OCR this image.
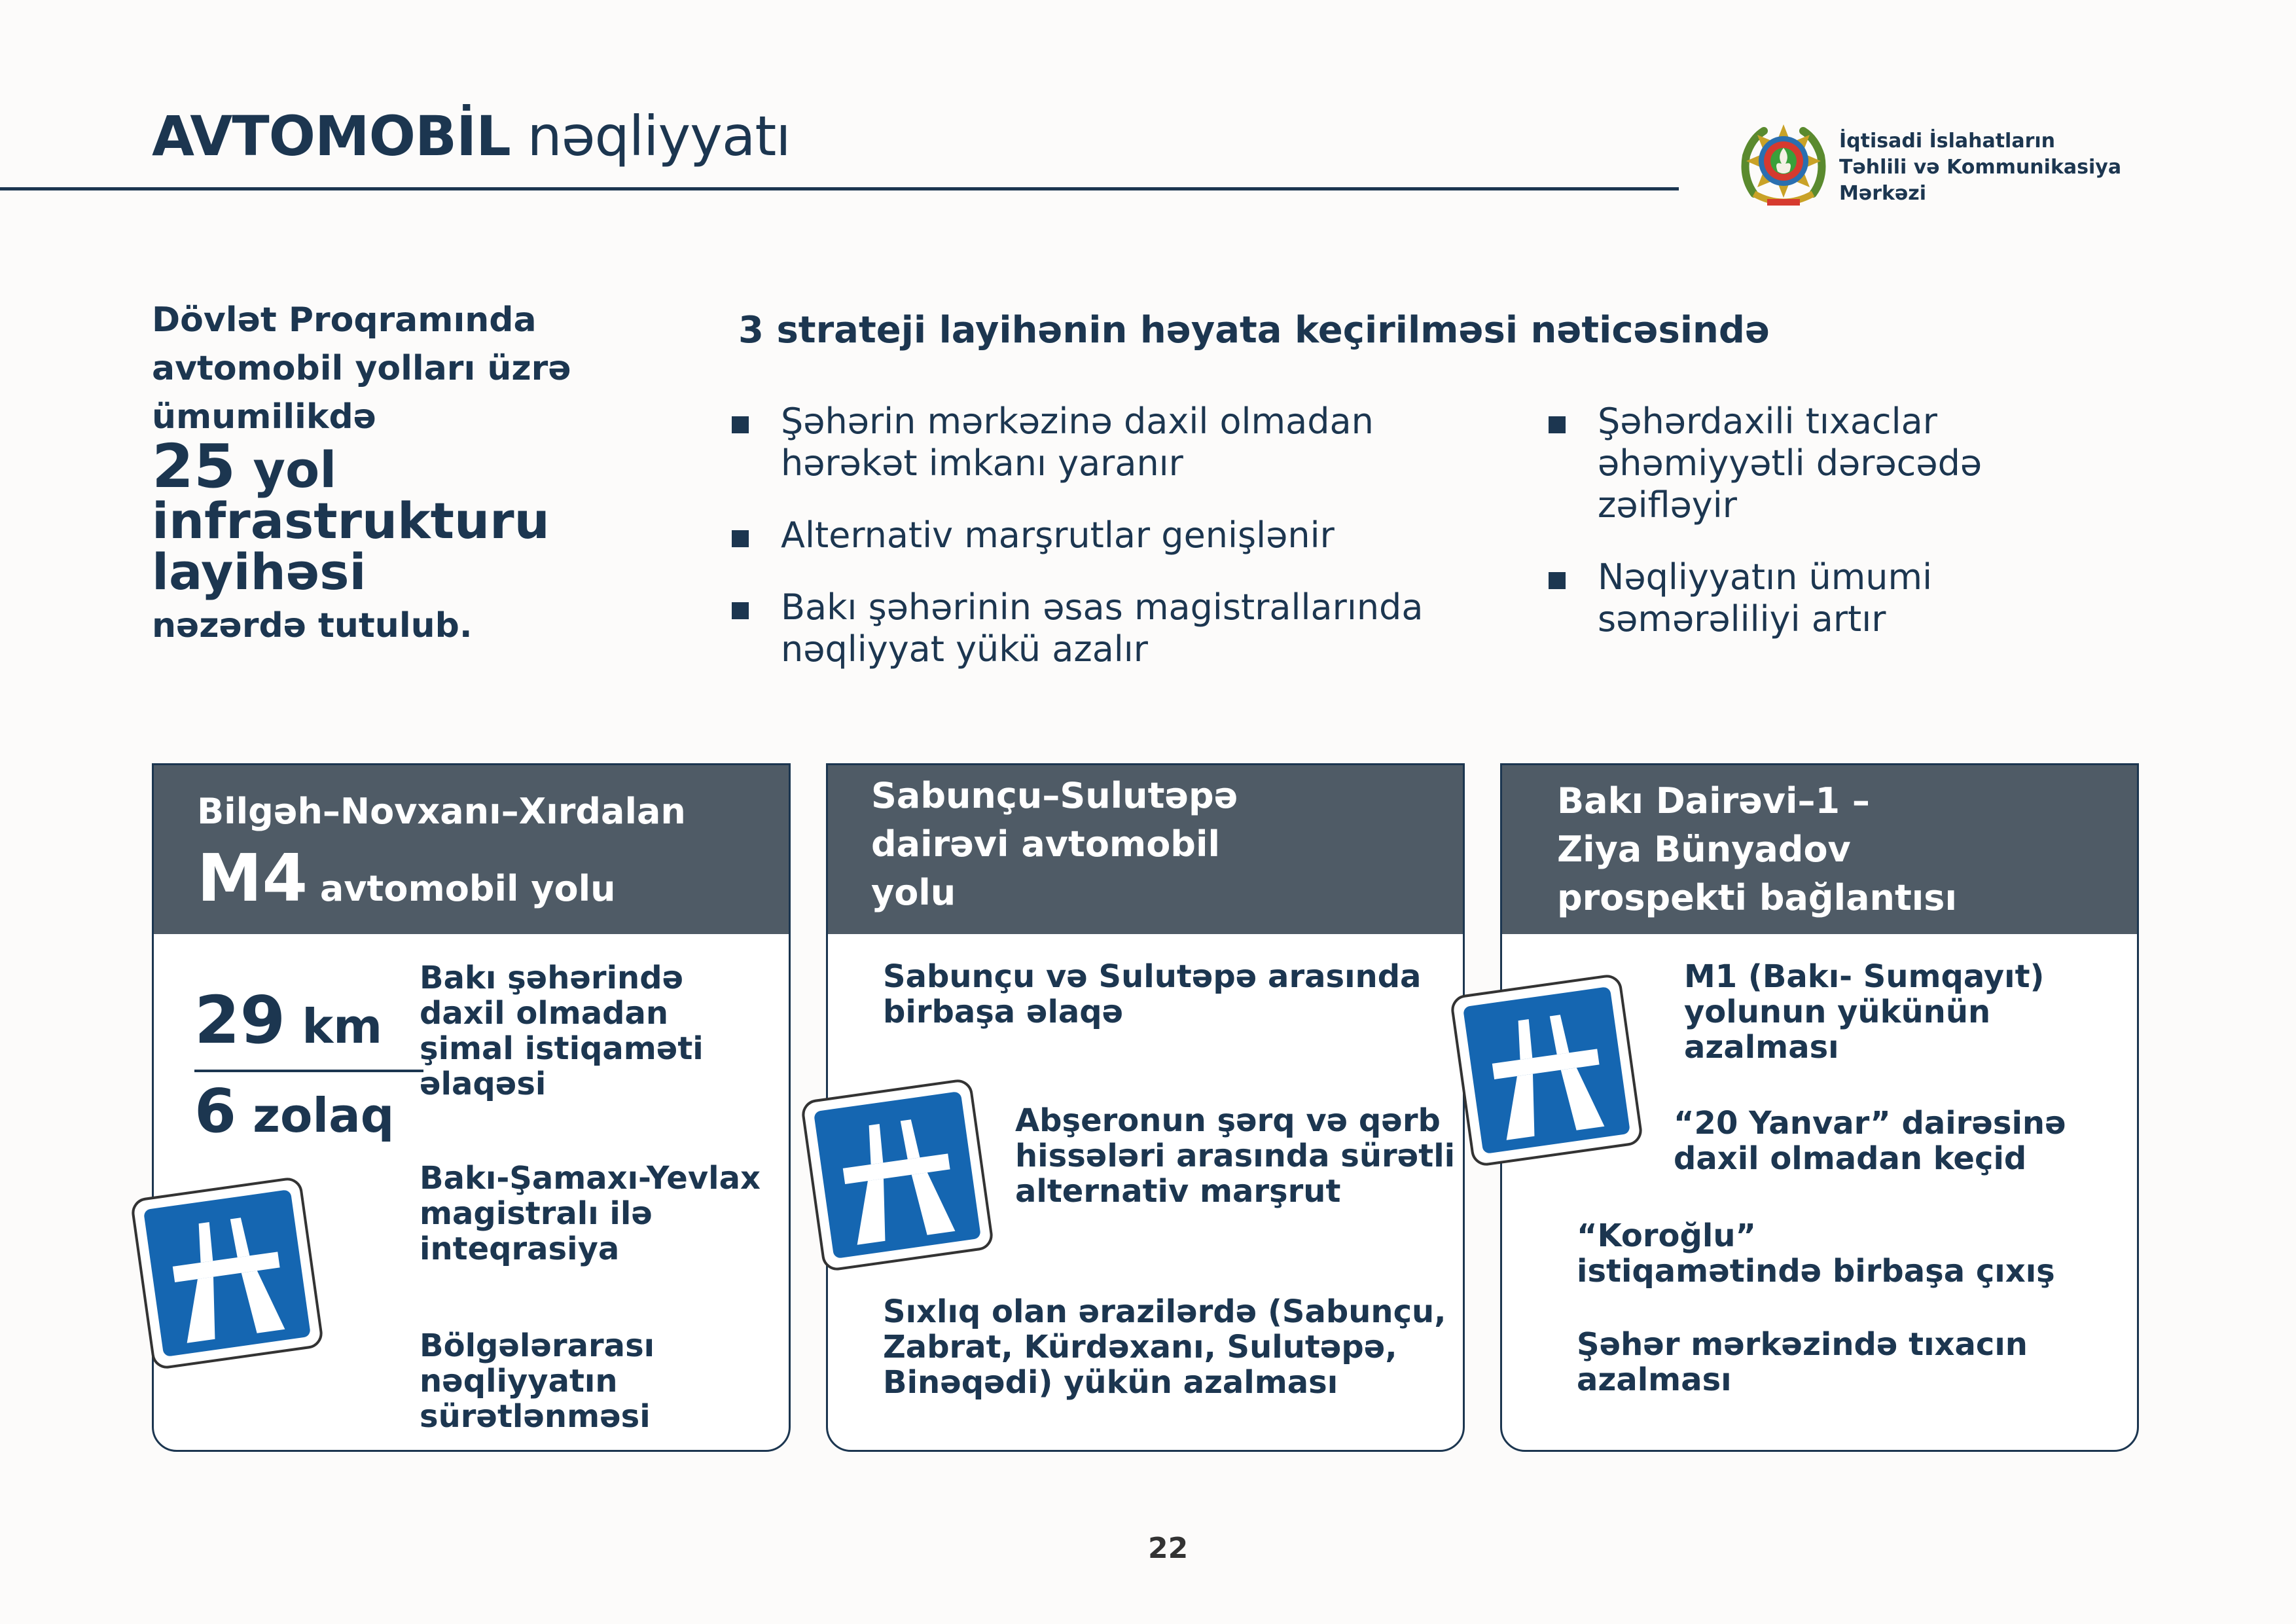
AVTOMOBİL nəqliyyatı	İqtisadi İslahatların
Təhlili və Kommunikasiya
Mərkəzi
Dövlət Proqramında
avtomobil yolları üzrə
ümumilikdə
25 yol
infrastrukturu
layihəsi
nəzərdə tutulub.
3 strateji layihənin həyata keçirilməsi nəticəsində
Şəhərin mərkəzinə daxil olmadan
hərəkət imkanı yaranır
Alternativ marşrutlar genişlənir
Bakı şəhərinin əsas magistrallarında
nəqliyyat yükü azalır
Şəhərdaxili tıxaclar
əhəmiyyətli dərəcədə
zəifləyir
Nəqliyyatın ümumi
səmərəliliyi artır
Bilgəh–Novxanı–Xırdalan
M4 avtomobil yolu
29 km
6 zolaq
Bakı şəhərində
daxil olmadan
şimal istiqaməti
əlaqəsi
Bakı-Şamaxı-Yevlax
magistralı ilə
inteqrasiya
Bölgələrarası
nəqliyyatın
sürətlənməsi
Sabunçu–Sulutəpə
dairəvi avtomobil
yolu
Sabunçu və Sulutəpə arasında
birbaşa əlaqə
Abşeronun şərq və qərb
hissələri arasında sürətli
alternativ marşrut
Sıxlıq olan ərazilərdə (Sabunçu,
Zabrat, Kürdəxanı, Sulutəpə,
Binəqədi) yükün azalması
Bakı Dairəvi–1 –
Ziya Bünyadov
prospekti bağlantısı
M1 (Bakı- Sumqayıt)
yolunun yükünün
azalması
“20 Yanvar” dairəsinə
daxil olmadan keçid
“Koroğlu”
istiqamətində birbaşa çıxış
Şəhər mərkəzində tıxacın
azalması
22
